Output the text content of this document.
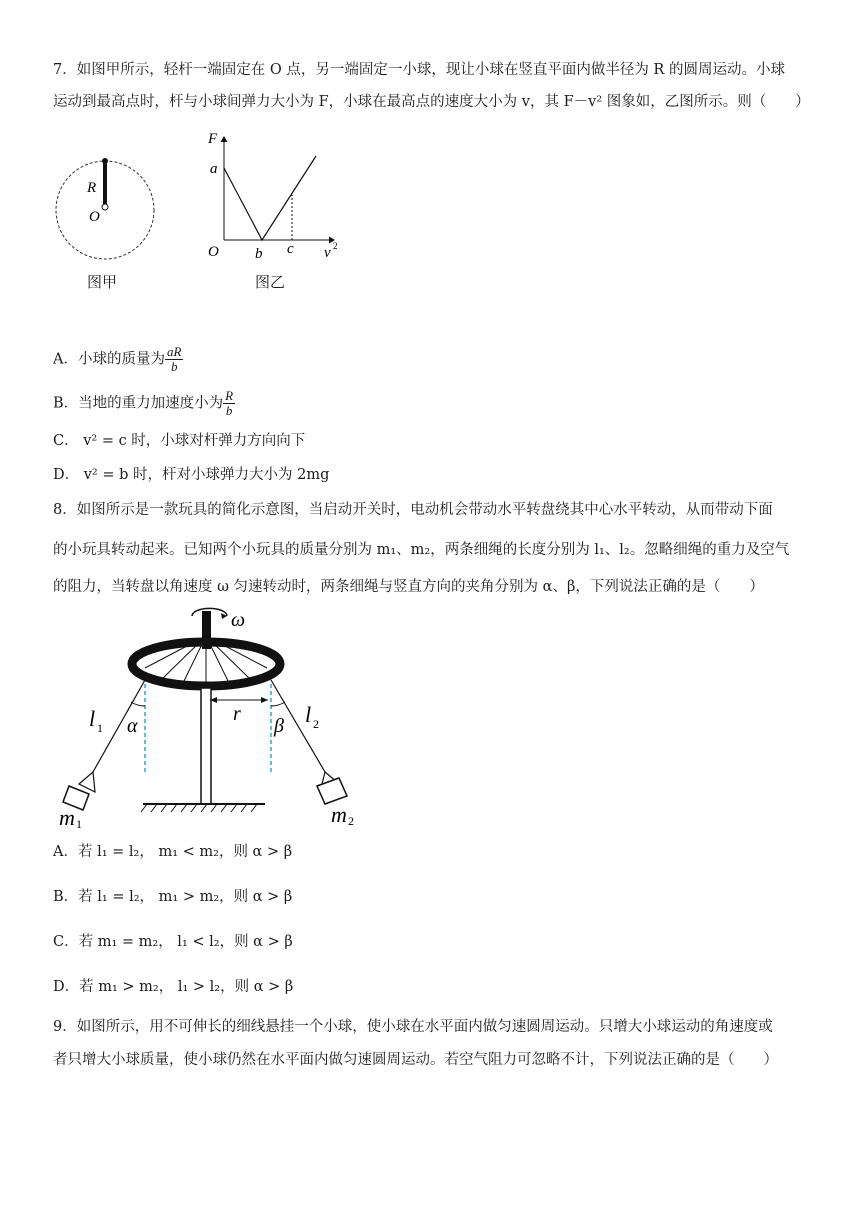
7．如图甲所示，轻杆一端固定在 O 点，另一端固定一小球，现让小球在竖直平面内做半径为 R 的圆周运动。小球
运动到最高点时，杆与小球间弹力大小为 F，小球在最高点的速度大小为 v，其 F－v² 图象如，乙图所示。则（　　）
R
O
图甲
F
a
O b c v 2
图乙
A．小球的质量为 $\frac{aR}{b}$
B．当地的重力加速度小为 $\frac{R}{b}$
C． v² = c 时，小球对杆弹力方向向下
D． v² = b 时，杆对小球弹力大小为 2mg
8．如图所示是一款玩具的简化示意图，当启动开关时，电动机会带动水平转盘绕其中心水平转动，从而带动下面
的小玩具转动起来。已知两个小玩具的质量分别为 m₁、m₂，两条细绳的长度分别为 l₁、l₂。忽略细绳的重力及空气
的阻力，当转盘以角速度 ω 匀速转动时，两条细绳与竖直方向的夹角分别为 α、β，下列说法正确的是（　　）
ω
r
α	β
l 1
l 2
m 1	m 2
A．若 l₁ = l₂， m₁ < m₂，则 α > β
B．若 l₁ = l₂， m₁ > m₂，则 α > β
C．若 m₁ = m₂， l₁ < l₂，则 α > β
D．若 m₁ > m₂， l₁ > l₂，则 α > β
9．如图所示，用不可伸长的细线悬挂一个小球，使小球在水平面内做匀速圆周运动。只增大小球运动的角速度或
者只增大小球质量，使小球仍然在水平面内做匀速圆周运动。若空气阻力可忽略不计，下列说法正确的是（　　）
